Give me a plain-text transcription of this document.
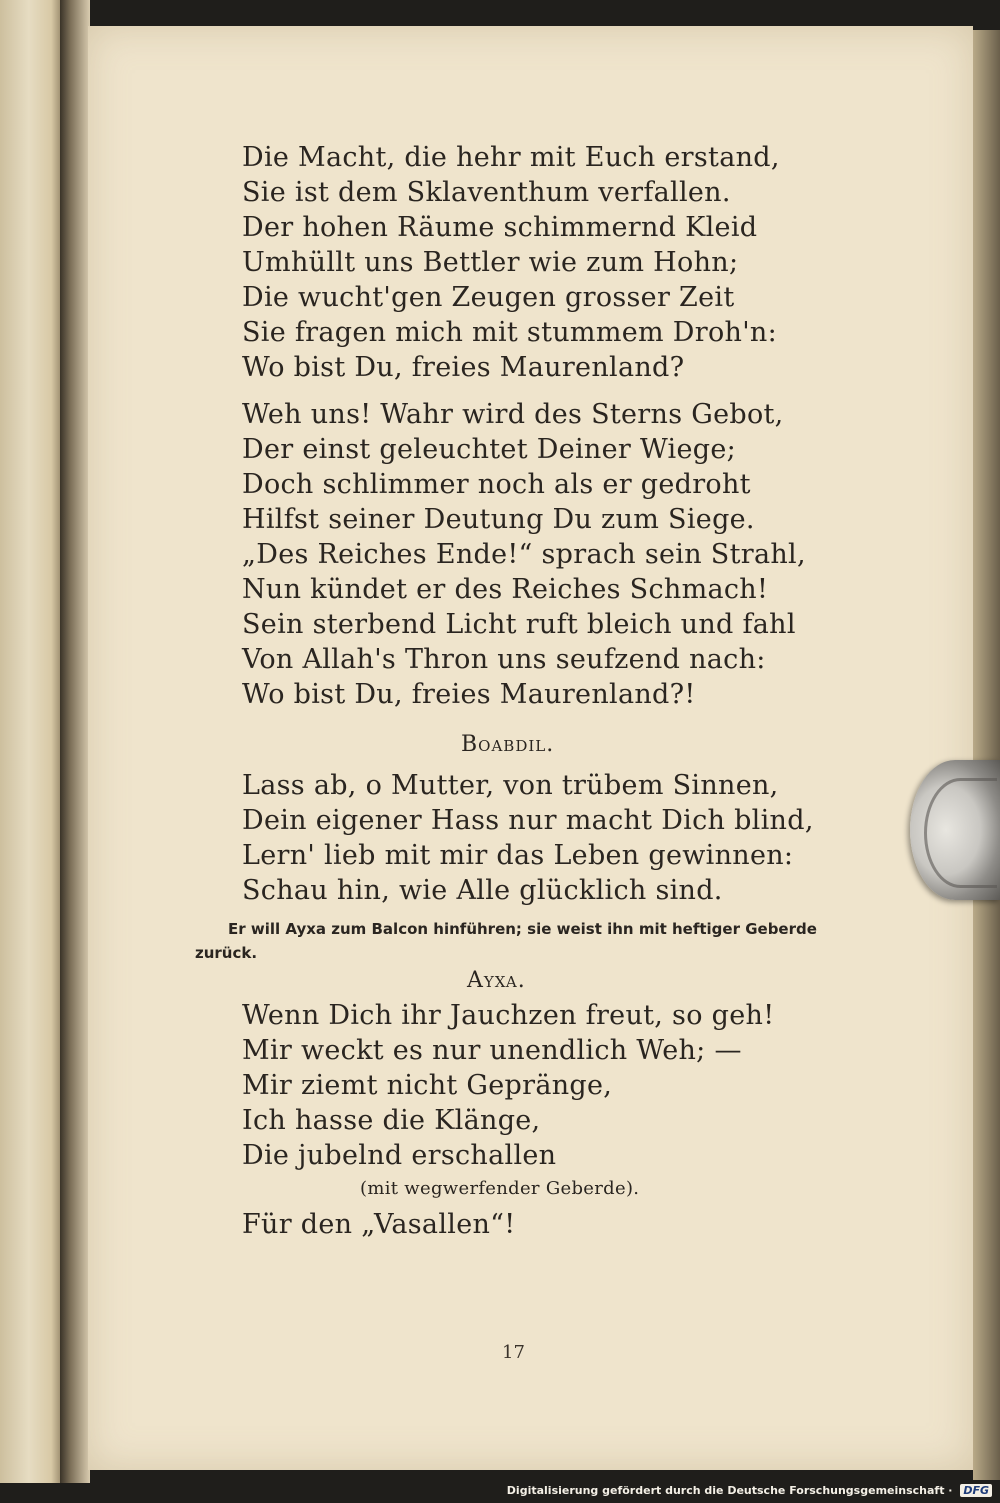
Die Macht, die hehr mit Euch erstand,
Sie ist dem Sklaventhum verfallen.
Der hohen Räume schimmernd Kleid
Umhüllt uns Bettler wie zum Hohn;
Die wucht'gen Zeugen grosser Zeit
Sie fragen mich mit stummem Droh'n:
Wo bist Du, freies Maurenland?
Weh uns! Wahr wird des Sterns Gebot,
Der einst geleuchtet Deiner Wiege;
Doch schlimmer noch als er gedroht
Hilfst seiner Deutung Du zum Siege.
„Des Reiches Ende!“ sprach sein Strahl,
Nun kündet er des Reiches Schmach!
Sein sterbend Licht ruft bleich und fahl
Von Allah's Thron uns seufzend nach:
Wo bist Du, freies Maurenland?!
Boabdil.
Lass ab, o Mutter, von trübem Sinnen,
Dein eigener Hass nur macht Dich blind,
Lern' lieb mit mir das Leben gewinnen:
Schau hin, wie Alle glücklich sind.
Er will Ayxa zum Balcon hinführen; sie weist ihn mit heftiger Geberde
zurück.
Ayxa.
Wenn Dich ihr Jauchzen freut, so geh!
Mir weckt es nur unendlich Weh; —
Mir ziemt nicht Gepränge,
Ich hasse die Klänge,
Die jubelnd erschallen
(mit wegwerfender Geberde).
Für den „Vasallen“!
17
Digitalisierung gefördert durch die Deutsche Forschungsgemeinschaft · DFG
